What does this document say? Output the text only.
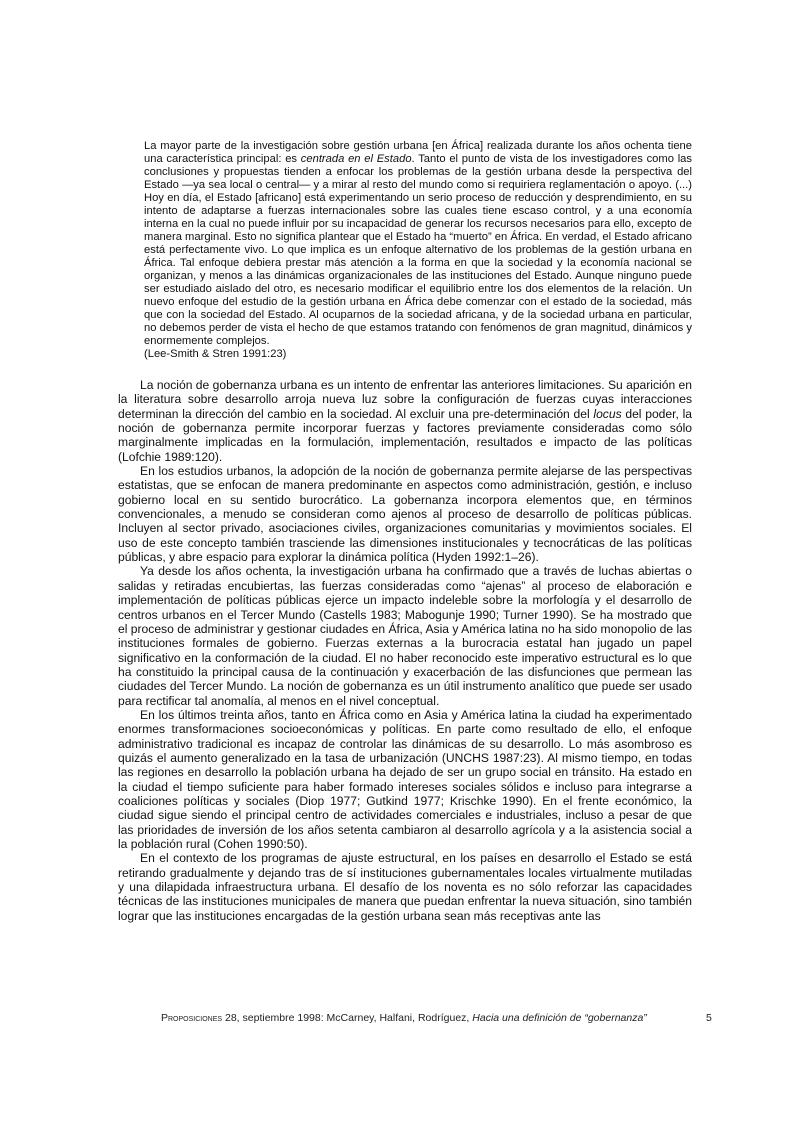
La mayor parte de la investigación sobre gestión urbana [en África] realizada durante los años ochenta tiene una característica principal: es centrada en el Estado. Tanto el punto de vista de los investigadores como las conclusiones y propuestas tienden a enfocar los problemas de la gestión urbana desde la perspectiva del Estado —ya sea local o central— y a mirar al resto del mundo como si requiriera reglamentación o apoyo. (...) Hoy en día, el Estado [africano] está experimentando un serio proceso de reducción y desprendimiento, en su intento de adaptarse a fuerzas internacionales sobre las cuales tiene escaso control, y a una economía interna en la cual no puede influir por su incapacidad de generar los recursos necesarios para ello, excepto de manera marginal. Esto no significa plantear que el Estado ha “muerto” en África. En verdad, el Estado africano está perfectamente vivo. Lo que implica es un enfoque alternativo de los problemas de la gestión urbana en África. Tal enfoque debiera prestar más atención a la forma en que la sociedad y la economía nacional se organizan, y menos a las dinámicas organizacionales de las instituciones del Estado. Aunque ninguno puede ser estudiado aislado del otro, es necesario modificar el equilibrio entre los dos elementos de la relación. Un nuevo enfoque del estudio de la gestión urbana en África debe comenzar con el estado de la sociedad, más que con la sociedad del Estado. Al ocuparnos de la sociedad africana, y de la sociedad urbana en particular, no debemos perder de vista el hecho de que estamos tratando con fenómenos de gran magnitud, dinámicos y enormemente complejos.
(Lee-Smith & Stren 1991:23)

La noción de gobernanza urbana es un intento de enfrentar las anteriores limitaciones. Su aparición en la literatura sobre desarrollo arroja nueva luz sobre la configuración de fuerzas cuyas interacciones determinan la dirección del cambio en la sociedad. Al excluir una pre-determinación del locus del poder, la noción de gobernanza permite incorporar fuerzas y factores previamente consideradas como sólo marginalmente implicadas en la formulación, implementación, resultados e impacto de las políticas (Lofchie 1989:120).

En los estudios urbanos, la adopción de la noción de gobernanza permite alejarse de las perspectivas estatistas, que se enfocan de manera predominante en aspectos como administración, gestión, e incluso gobierno local en su sentido burocrático. La gobernanza incorpora elementos que, en términos convencionales, a menudo se consideran como ajenos al proceso de desarrollo de políticas públicas. Incluyen al sector privado, asociaciones civiles, organizaciones comunitarias y movimientos sociales. El uso de este concepto también trasciende las dimensiones institucionales y tecnocráticas de las políticas públicas, y abre espacio para explorar la dinámica política (Hyden 1992:1–26).

Ya desde los años ochenta, la investigación urbana ha confirmado que a través de luchas abiertas o salidas y retiradas encubiertas, las fuerzas consideradas como “ajenas” al proceso de elaboración e implementación de políticas públicas ejerce un impacto indeleble sobre la morfología y el desarrollo de centros urbanos en el Tercer Mundo (Castells 1983; Mabogunje 1990; Turner 1990). Se ha mostrado que el proceso de administrar y gestionar ciudades en África, Asia y América latina no ha sido monopolio de las instituciones formales de gobierno. Fuerzas externas a la burocracia estatal han jugado un papel significativo en la conformación de la ciudad. El no haber reconocido este imperativo estructural es lo que ha constituido la principal causa de la continuación y exacerbación de las disfunciones que permean las ciudades del Tercer Mundo. La noción de gobernanza es un útil instrumento analítico que puede ser usado para rectificar tal anomalía, al menos en el nivel conceptual.

En los últimos treinta años, tanto en África como en Asia y América latina la ciudad ha experimentado enormes transformaciones socioeconómicas y políticas. En parte como resultado de ello, el enfoque administrativo tradicional es incapaz de controlar las dinámicas de su desarrollo. Lo más asombroso es quizás el aumento generalizado en la tasa de urbanización (UNCHS 1987:23). Al mismo tiempo, en todas las regiones en desarrollo la población urbana ha dejado de ser un grupo social en tránsito. Ha estado en la ciudad el tiempo suficiente para haber formado intereses sociales sólidos e incluso para integrarse a coaliciones políticas y sociales (Diop 1977; Gutkind 1977; Krischke 1990). En el frente económico, la ciudad sigue siendo el principal centro de actividades comerciales e industriales, incluso a pesar de que las prioridades de inversión de los años setenta cambiaron al desarrollo agrícola y a la asistencia social a la población rural (Cohen 1990:50).

En el contexto de los programas de ajuste estructural, en los países en desarrollo el Estado se está retirando gradualmente y dejando tras de sí instituciones gubernamentales locales virtualmente mutiladas y una dilapidada infraestructura urbana. El desafío de los noventa es no sólo reforzar las capacidades técnicas de las instituciones municipales de manera que puedan enfrentar la nueva situación, sino también lograr que las instituciones encargadas de la gestión urbana sean más receptivas ante las

Proposiciones 28, septiembre 1998: McCarney, Halfani, Rodríguez, Hacia una definición de “gobernanza”	5
